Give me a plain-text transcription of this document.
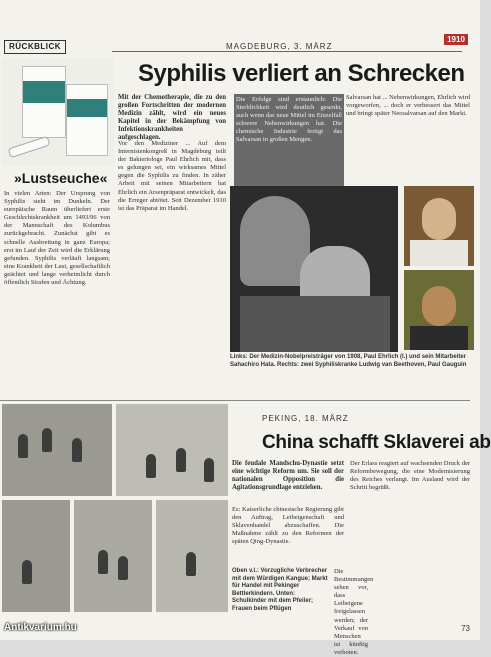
RÜCKBLICK	MAGDEBURG, 3. MÄRZ
1910
Syphilis verliert an Schrecken
»Lustseuche«

In vielen Arten: Der Ursprung von Syphilis steht im Dunkeln. Der europäische Raum überliefert erste Geschlechtskrankheit um 1493/96 von der Mannschaft des Kolumbus zurückgebracht. Zunächst gibt es schnelle Ausbreitung in ganz Europa; erst im Lauf der Zeit wird die Erklärung gefunden. Syphilis verläuft langsam; eine Krankheit der Lust, gesellschaftlich geächtet und lange verheimlicht durch öffentlich Strafen und Ächtung.

Mit der Chemotherapie, die zu den großen Fortschritten der modernen Medizin zählt, wird ein neues Kapitel in der Bekämpfung von Infektionskrankheiten aufgeschlagen.

Vor den Mediziner ... Auf dem Internistenkongreß in Magdeburg teilt der Bakteriologe Paul Ehrlich mit, dass es gelungen sei, ein wirksames Mittel gegen die Syphilis zu finden. In zäher Arbeit mit seinen Mitarbeitern hat Ehrlich ein Arsenpräparat entwickelt, das die Erreger abtötet. Seit Dezember 1910 ist das Präparat im Handel.

Die Erfolge sind erstaunlich: Die Sterblichkeit wird deutlich gesenkt, auch wenn das neue Mittel im Einzelfall schwere Nebenwirkungen hat. Die chemische Industrie fertigt das Salvarsan in großen Mengen.

Salvarsan hat ... Nebenwirkungen, Ehrlich wird vorgeworfen, ... doch er verbessert das Mittel und bringt später Neosalvarsan auf den Markt.

Links: Der Medizin-Nobelpreisträger von 1908, Paul Ehrlich (l.) und sein Mitarbeiter Sahachiro Hata. Rechts: zwei Syphiliskranke Ludwig van Beethoven, Paul Gauguin

PEKING, 18. MÄRZ
China schafft Sklaverei ab

Die feudale Mandschu-Dynastie setzt eine wichtige Reform um. Sie soll der nationalen Opposition die Agitationsgrundlage entziehen.

Es: Kaiserliche chinesische Regierung gibt den Auftrag, Leibeigenschaft und Sklavenhandel abzuschaffen. Die Maßnahme zählt zu den Reformen der späten Qing-Dynastie.

Die Bestimmungen sehen vor, dass Leibeigene freigelassen werden; der Verkauf von Menschen ist künftig verboten.

Der Erlass reagiert auf wachsenden Druck der Reformbewegung, die eine Modernisierung des Reiches verlangt. Im Ausland wird der Schritt begrüßt.

Oben v.l.: Vorzugliche Verbrecher mit dem Würdigen Kangue; Markt für Handel mit Pekinger Bettlerkindern. Unten: Schulkinder mit dem Pfeiler; Frauen beim Pflügen

73
Antikvarium.hu
